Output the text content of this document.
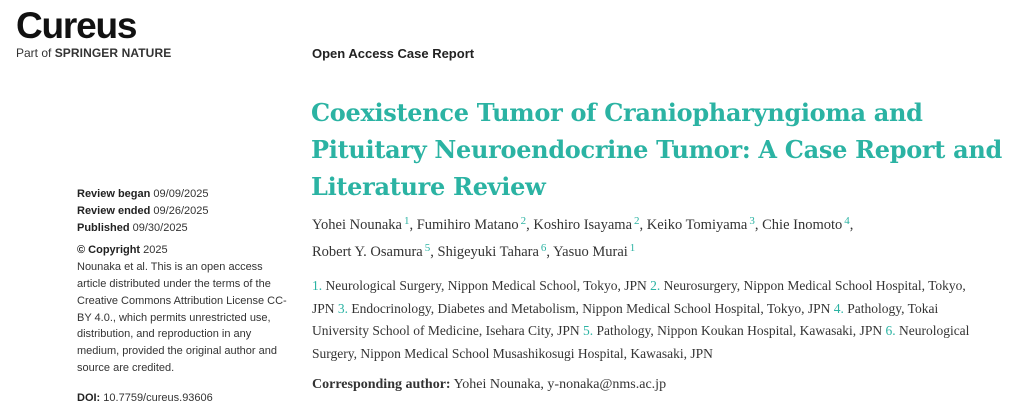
Cureus
Part of SPRINGER NATURE	Open Access Case Report
Coexistence Tumor of Craniopharyngioma and Pituitary Neuroendocrine Tumor: A Case Report and Literature Review
Yohei Nounaka $^1$, Fumihiro Matano $^2$, Koshiro Isayama $^2$, Keiko Tomiyama $^3$, Chie Inomoto $^4$,
Robert Y. Osamura $^5$, Shigeyuki Tahara $^6$, Yasuo Murai $^1$
1. Neurological Surgery, Nippon Medical School, Tokyo, JPN 2. Neurosurgery, Nippon Medical School Hospital, Tokyo, JPN 3. Endocrinology, Diabetes and Metabolism, Nippon Medical School Hospital, Tokyo, JPN 4. Pathology, Tokai University School of Medicine, Isehara City, JPN 5. Pathology, Nippon Koukan Hospital, Kawasaki, JPN 6. Neurological Surgery, Nippon Medical School Musashikosugi Hospital, Kawasaki, JPN
Corresponding author: Yohei Nounaka, y-nonaka@nms.ac.jp
Review began 09/09/2025
Review ended 09/26/2025
Published 09/30/2025
© Copyright 2025
Nounaka et al. This is an open access article distributed under the terms of the Creative Commons Attribution License CC-BY 4.0., which permits unrestricted use, distribution, and reproduction in any medium, provided the original author and source are credited.
DOI: 10.7759/cureus.93606
